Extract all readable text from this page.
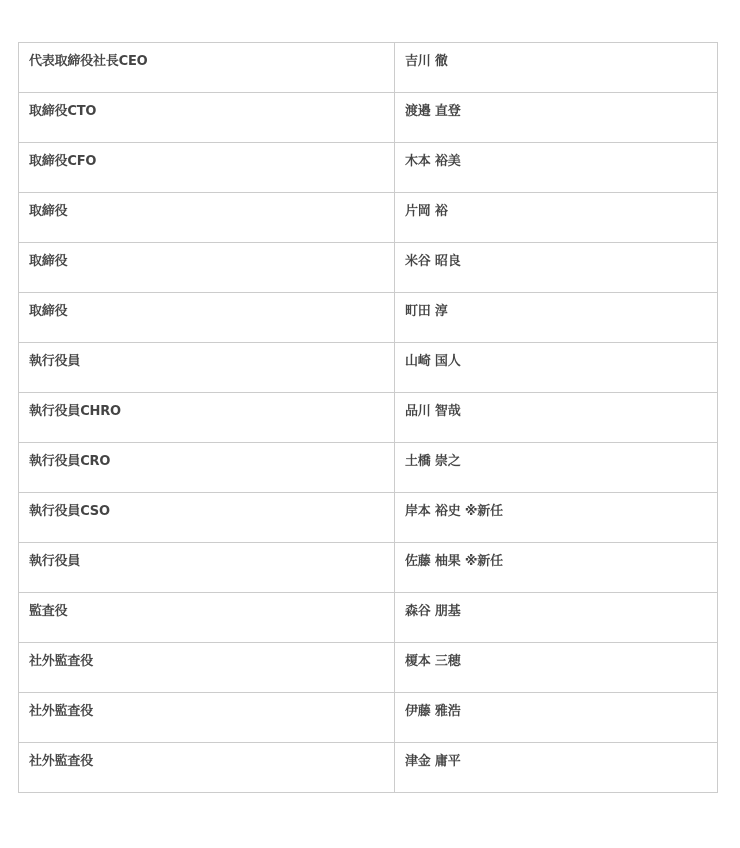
代表取締役社長CEO	吉川 徹

取締役CTO	渡邉 直登

取締役CFO	木本 裕美

取締役	片岡 裕

取締役	米谷 昭良

取締役	町田 淳

執行役員	山崎 国人

執行役員CHRO	品川 智哉

執行役員CRO	土橋 崇之

執行役員CSO	岸本 裕史 ※新任

執行役員	佐藤 柚果 ※新任

監査役	森谷 朋基

社外監査役	榎本 三穂

社外監査役	伊藤 雅浩

社外監査役	津金 庸平
